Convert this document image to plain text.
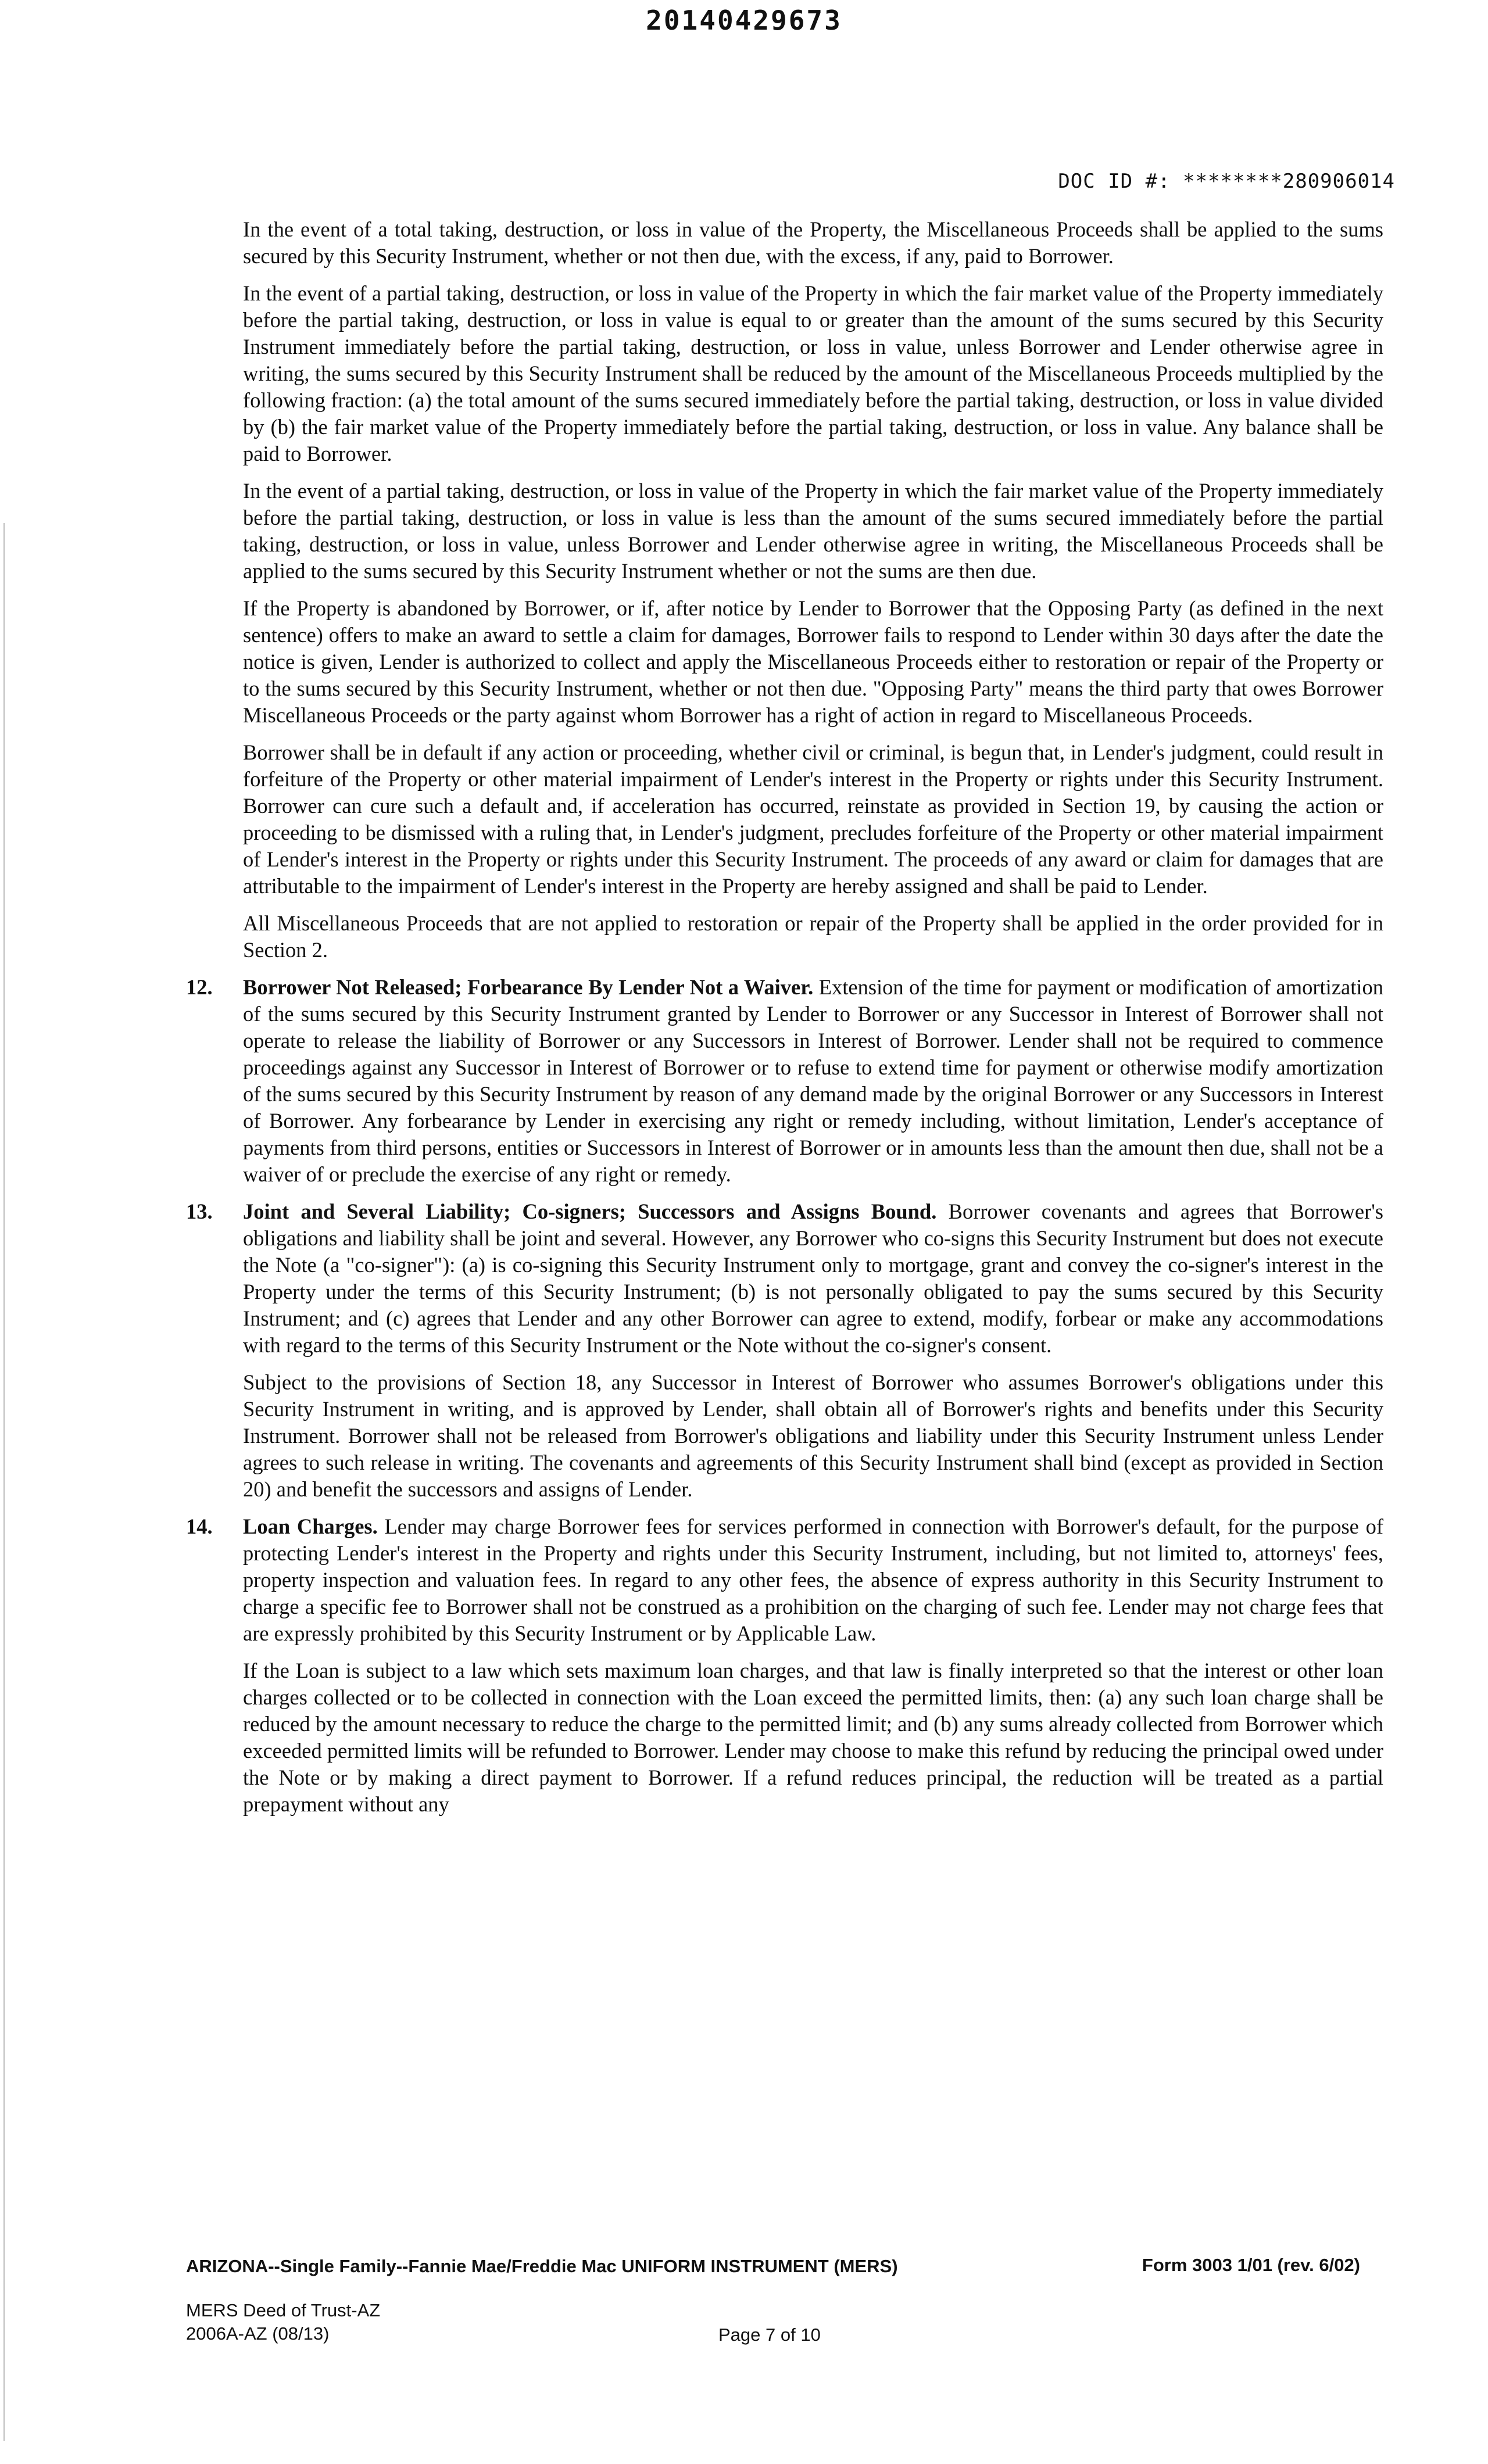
20140429673
DOC ID #: ********280906014

In the event of a total taking, destruction, or loss in value of the Property, the Miscellaneous Proceeds shall be applied to the sums secured by this Security Instrument, whether or not then due, with the excess, if any, paid to Borrower.

In the event of a partial taking, destruction, or loss in value of the Property in which the fair market value of the Property immediately before the partial taking, destruction, or loss in value is equal to or greater than the amount of the sums secured by this Security Instrument immediately before the partial taking, destruction, or loss in value, unless Borrower and Lender otherwise agree in writing, the sums secured by this Security Instrument shall be reduced by the amount of the Miscellaneous Proceeds multiplied by the following fraction: (a) the total amount of the sums secured immediately before the partial taking, destruction, or loss in value divided by (b) the fair market value of the Property immediately before the partial taking, destruction, or loss in value. Any balance shall be paid to Borrower.

In the event of a partial taking, destruction, or loss in value of the Property in which the fair market value of the Property immediately before the partial taking, destruction, or loss in value is less than the amount of the sums secured immediately before the partial taking, destruction, or loss in value, unless Borrower and Lender otherwise agree in writing, the Miscellaneous Proceeds shall be applied to the sums secured by this Security Instrument whether or not the sums are then due.

If the Property is abandoned by Borrower, or if, after notice by Lender to Borrower that the Opposing Party (as defined in the next sentence) offers to make an award to settle a claim for damages, Borrower fails to respond to Lender within 30 days after the date the notice is given, Lender is authorized to collect and apply the Miscellaneous Proceeds either to restoration or repair of the Property or to the sums secured by this Security Instrument, whether or not then due. "Opposing Party" means the third party that owes Borrower Miscellaneous Proceeds or the party against whom Borrower has a right of action in regard to Miscellaneous Proceeds.

Borrower shall be in default if any action or proceeding, whether civil or criminal, is begun that, in Lender's judgment, could result in forfeiture of the Property or other material impairment of Lender's interest in the Property or rights under this Security Instrument. Borrower can cure such a default and, if acceleration has occurred, reinstate as provided in Section 19, by causing the action or proceeding to be dismissed with a ruling that, in Lender's judgment, precludes forfeiture of the Property or other material impairment of Lender's interest in the Property or rights under this Security Instrument. The proceeds of any award or claim for damages that are attributable to the impairment of Lender's interest in the Property are hereby assigned and shall be paid to Lender.

All Miscellaneous Proceeds that are not applied to restoration or repair of the Property shall be applied in the order provided for in Section 2.

12. Borrower Not Released; Forbearance By Lender Not a Waiver. Extension of the time for payment or modification of amortization of the sums secured by this Security Instrument granted by Lender to Borrower or any Successor in Interest of Borrower shall not operate to release the liability of Borrower or any Successors in Interest of Borrower. Lender shall not be required to commence proceedings against any Successor in Interest of Borrower or to refuse to extend time for payment or otherwise modify amortization of the sums secured by this Security Instrument by reason of any demand made by the original Borrower or any Successors in Interest of Borrower. Any forbearance by Lender in exercising any right or remedy including, without limitation, Lender's acceptance of payments from third persons, entities or Successors in Interest of Borrower or in amounts less than the amount then due, shall not be a waiver of or preclude the exercise of any right or remedy.
13. Joint and Several Liability; Co-signers; Successors and Assigns Bound. Borrower covenants and agrees that Borrower's obligations and liability shall be joint and several. However, any Borrower who co-signs this Security Instrument but does not execute the Note (a "co-signer"): (a) is co-signing this Security Instrument only to mortgage, grant and convey the co-signer's interest in the Property under the terms of this Security Instrument; (b) is not personally obligated to pay the sums secured by this Security Instrument; and (c) agrees that Lender and any other Borrower can agree to extend, modify, forbear or make any accommodations with regard to the terms of this Security Instrument or the Note without the co-signer's consent.

Subject to the provisions of Section 18, any Successor in Interest of Borrower who assumes Borrower's obligations under this Security Instrument in writing, and is approved by Lender, shall obtain all of Borrower's rights and benefits under this Security Instrument. Borrower shall not be released from Borrower's obligations and liability under this Security Instrument unless Lender agrees to such release in writing. The covenants and agreements of this Security Instrument shall bind (except as provided in Section 20) and benefit the successors and assigns of Lender.

14. Loan Charges. Lender may charge Borrower fees for services performed in connection with Borrower's default, for the purpose of protecting Lender's interest in the Property and rights under this Security Instrument, including, but not limited to, attorneys' fees, property inspection and valuation fees. In regard to any other fees, the absence of express authority in this Security Instrument to charge a specific fee to Borrower shall not be construed as a prohibition on the charging of such fee. Lender may not charge fees that are expressly prohibited by this Security Instrument or by Applicable Law.

If the Loan is subject to a law which sets maximum loan charges, and that law is finally interpreted so that the interest or other loan charges collected or to be collected in connection with the Loan exceed the permitted limits, then: (a) any such loan charge shall be reduced by the amount necessary to reduce the charge to the permitted limit; and (b) any sums already collected from Borrower which exceeded permitted limits will be refunded to Borrower. Lender may choose to make this refund by reducing the principal owed under the Note or by making a direct payment to Borrower. If a refund reduces principal, the reduction will be treated as a partial prepayment without any

ARIZONA--Single Family--Fannie Mae/Freddie Mac UNIFORM INSTRUMENT (MERS)
MERS Deed of Trust-AZ
2006A-AZ (08/13)
Form 3003 1/01 (rev. 6/02)
Page 7 of 10
